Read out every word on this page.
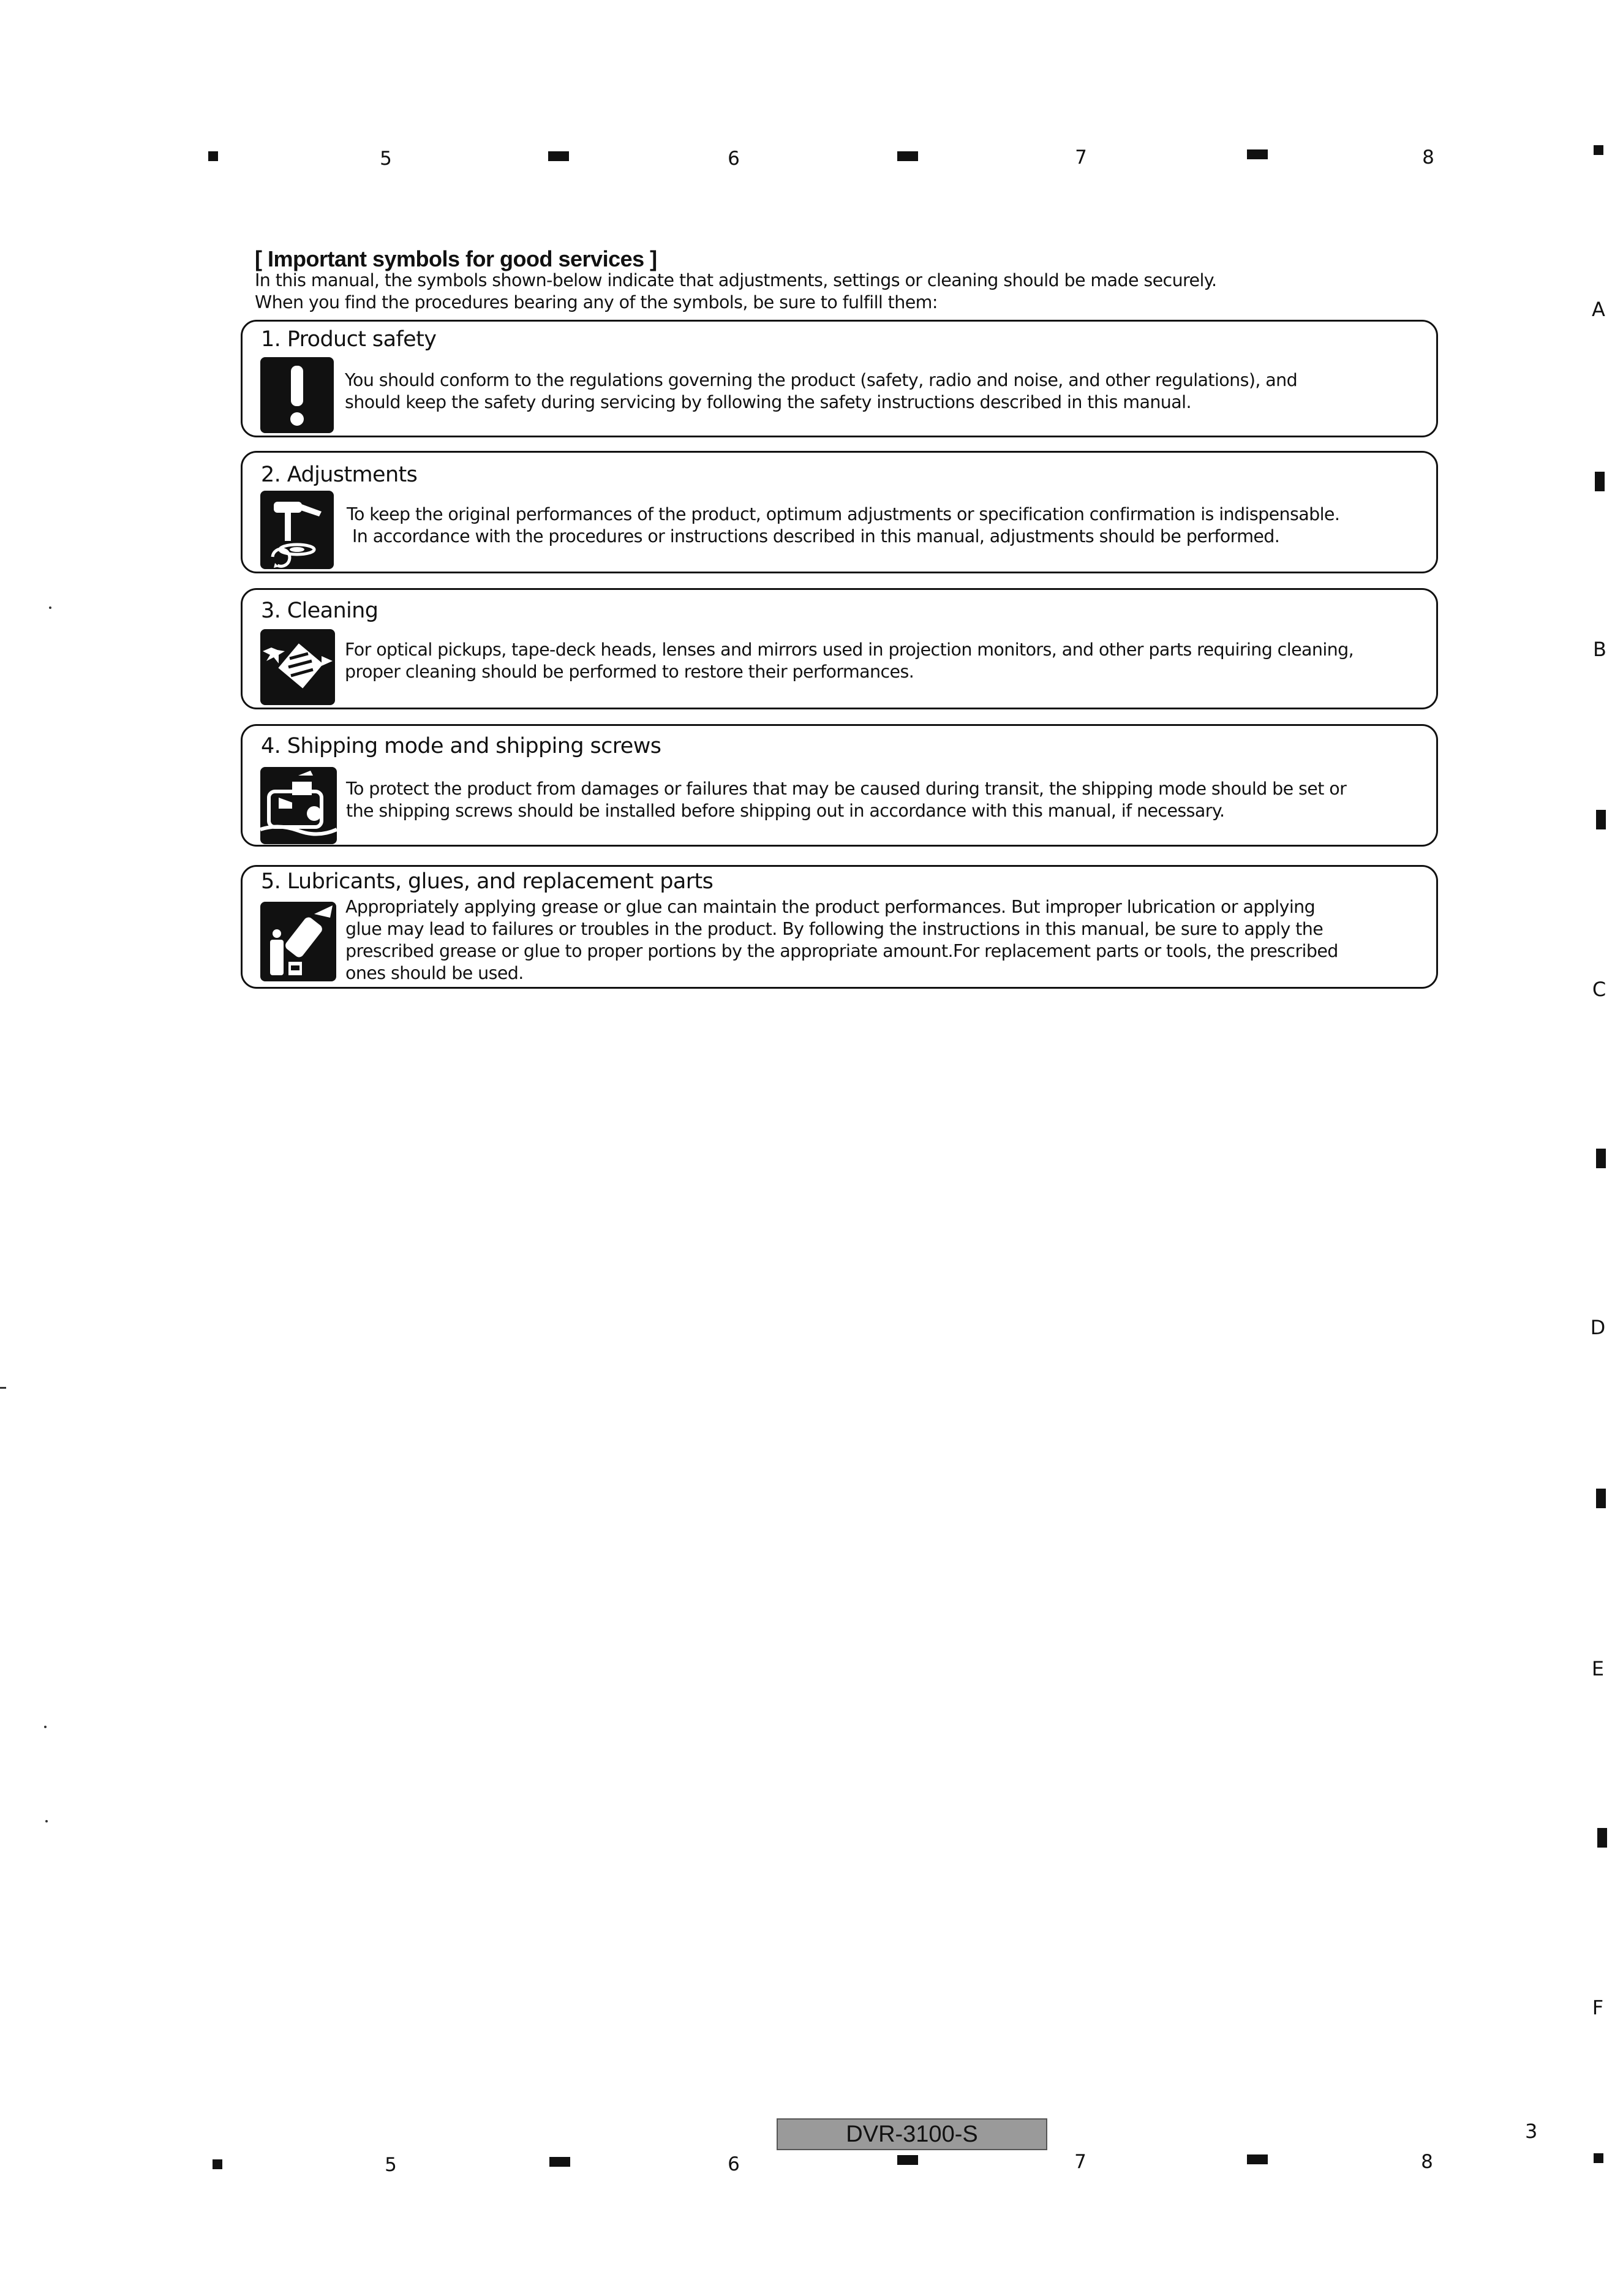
5	6	7	8
A
B
C
D
E
F
[ Important symbols for good services ]
In this manual, the symbols shown-below indicate that adjustments, settings or cleaning should be made securely.
When you find the procedures bearing any of the symbols, be sure to fulfill them:
1. Product safety
You should conform to the regulations governing the product (safety, radio and noise, and other regulations), and
should keep the safety during servicing by following the safety instructions described in this manual.
2. Adjustments
To keep the original performances of the product, optimum adjustments or specification confirmation is indispensable.
In accordance with the procedures or instructions described in this manual, adjustments should be performed.
3. Cleaning
For optical pickups, tape-deck heads, lenses and mirrors used in projection monitors, and other parts requiring cleaning,
proper cleaning should be performed to restore their performances.
4. Shipping mode and shipping screws
To protect the product from damages or failures that may be caused during transit, the shipping mode should be set or
the shipping screws should be installed before shipping out in accordance with this manual, if necessary.
5. Lubricants, glues, and replacement parts
Appropriately applying grease or glue can maintain the product performances. But improper lubrication or applying
glue may lead to failures or troubles in the product. By following the instructions in this manual, be sure to apply the
prescribed grease or glue to proper portions by the appropriate amount.For replacement parts or tools, the prescribed
ones should be used.
DVR-3100-S	3
5	6	7	8
